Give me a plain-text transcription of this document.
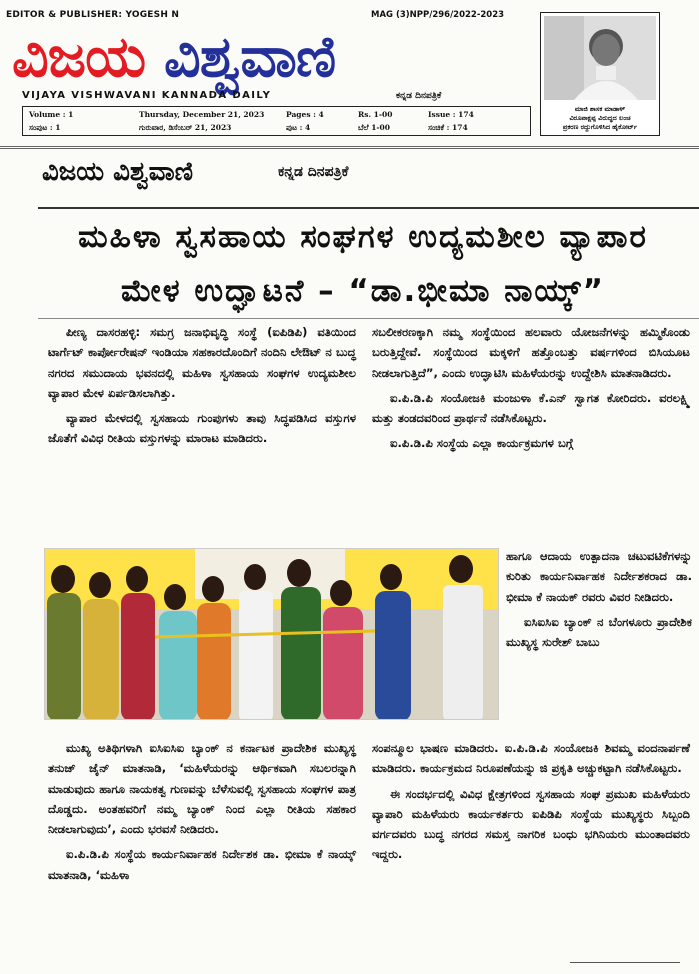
EDITOR & PUBLISHER: YOGESH N	MAG (3)NPP/296/2022-2023
ವಿಜಯ ವಿಶ್ವವಾಣಿ
VIJAYA VISHWAVANI KANNADA DAILY	ಕನ್ನಡ ದಿನಪತ್ರಿಕೆ
Volume : 1	Thursday, December 21, 2023	Pages : 4	Rs. 1-00	Issue : 174
ಸಂಪುಟ : 1	ಗುರುವಾರ, ಡಿಸೆಂಬರ್ 21, 2023	ಪುಟ : 4	ಬೆಲೆ 1-00	ಸಂಚಿಕೆ : 174
ಮಾಜಿ ಶಾಸಕ ಮಾಡಾಳ್
ವಿರೂಪಾಕ್ಷಪ್ಪ ವಿರುದ್ಧದ ಲಂಚ
ಪ್ರಕರಣ ರದ್ದುಗೊಳಿಸಿದ ಹೈಕೋರ್ಟ್
ವಿಜಯ ವಿಶ್ವವಾಣಿ	ಕನ್ನಡ ದಿನಪತ್ರಿಕೆ
ಮಹಿಳಾ ಸ್ವಸಹಾಯ ಸಂಘಗಳ ಉದ್ಯಮಶೀಲ ವ್ಯಾಪಾರ
ಮೇಳ ಉದ್ಘಾಟನೆ – “ಡಾ.ಭೀಮಾ ನಾಯ್ಕ್”

ಪೀಣ್ಯ ದಾಸರಹಳ್ಳಿ: ಸಮಗ್ರ ಜನಾಭಿವೃದ್ಧಿ ಸಂಸ್ಥೆ (ಐಪಿಡಿಪಿ) ವತಿಯಿಂದ ಟಾರ್ಗೆಟ್ ಕಾರ್ಪೋರೇಷನ್ ಇಂಡಿಯಾ ಸಹಕಾರದೊಂದಿಗೆ ನಂದಿನಿ ಲೇಔಟ್ ನ ಬುದ್ಧ ನಗರದ ಸಮುದಾಯ ಭವನದಲ್ಲಿ ಮಹಿಳಾ ಸ್ವಸಹಾಯ ಸಂಘಗಳ ಉದ್ಯಮಶೀಲ ವ್ಯಾಪಾರ ಮೇಳ ಏರ್ಪಡಿಸಲಾಗಿತ್ತು.

ವ್ಯಾಪಾರ ಮೇಳದಲ್ಲಿ ಸ್ವಸಹಾಯ ಗುಂಪುಗಳು ತಾವು ಸಿದ್ಧಪಡಿಸಿದ ವಸ್ತುಗಳ ಜೊತೆಗೆ ವಿವಿಧ ರೀತಿಯ ವಸ್ತುಗಳನ್ನು ಮಾರಾಟ ಮಾಡಿದರು.

ಸಬಲೀಕರಣಕ್ಕಾಗಿ ನಮ್ಮ ಸಂಸ್ಥೆಯಿಂದ ಹಲವಾರು ಯೋಜನೆಗಳನ್ನು ಹಮ್ಮಿಕೊಂಡು ಬರುತ್ತಿದ್ದೇವೆ. ಸಂಸ್ಥೆಯಿಂದ ಮಕ್ಕಳಿಗೆ ಹತ್ತೊಂಬತ್ತು ವರ್ಷಗಳಿಂದ ಬಿಸಿಯೂಟ ನೀಡಲಾಗುತ್ತಿದೆ”, ಎಂದು ಉದ್ಘಾಟಿಸಿ ಮಹಿಳೆಯರನ್ನು ಉದ್ದೇಶಿಸಿ ಮಾತನಾಡಿದರು.

ಐ.ಪಿ.ಡಿ.ಪಿ ಸಂಯೋಜಕಿ ಮಂಜುಳಾ ಕೆ.ಎನ್ ಸ್ವಾಗತ ಕೋರಿದರು. ವರಲಕ್ಷ್ಮಿ ಮತ್ತು ತಂಡದವರಿಂದ ಪ್ರಾರ್ಥನೆ ನಡೆಸಿಕೊಟ್ಟರು.

ಐ.ಪಿ.ಡಿ.ಪಿ ಸಂಸ್ಥೆಯ ಎಲ್ಲಾ ಕಾರ್ಯಕ್ರಮಗಳ ಬಗ್ಗೆ

ಹಾಗೂ ಆದಾಯ ಉತ್ಪಾದನಾ ಚಟುವಟಿಕೆಗಳನ್ನು ಕುರಿತು ಕಾರ್ಯನಿರ್ವಾಹಕ ನಿರ್ದೇಶಕರಾದ ಡಾ. ಭೀಮಾ ಕೆ ನಾಯಕ್ ರವರು ವಿವರ ನೀಡಿದರು.

ಐಸಿಐಸಿಐ ಬ್ಯಾಂಕ್ ನ ಬೆಂಗಳೂರು ಪ್ರಾದೇಶಿಕ ಮುಖ್ಯಸ್ಥ ಸುರೇಶ್ ಬಾಬು

ಮುಖ್ಯ ಅತಿಥಿಗಳಾಗಿ ಐಸಿಐಸಿಐ ಬ್ಯಾಂಕ್ ನ ಕರ್ನಾಟಕ ಪ್ರಾದೇಶಿಕ ಮುಖ್ಯಸ್ಥ ತನುಜ್ ಜೈನ್ ಮಾತನಾಡಿ, ‘ಮಹಿಳೆಯರನ್ನು ಆರ್ಥಿಕವಾಗಿ ಸಬಲರನ್ನಾಗಿ ಮಾಡುವುದು ಹಾಗೂ ನಾಯಕತ್ವ ಗುಣವನ್ನು ಬೆಳೆಸುವಲ್ಲಿ ಸ್ವಸಹಾಯ ಸಂಘಗಳ ಪಾತ್ರ ದೊಡ್ಡದು. ಅಂತಹವರಿಗೆ ನಮ್ಮ ಬ್ಯಾಂಕ್ ನಿಂದ ಎಲ್ಲಾ ರೀತಿಯ ಸಹಕಾರ ನೀಡಲಾಗುವುದು’, ಎಂದು ಭರವಸೆ ನೀಡಿದರು.

ಐ.ಪಿ.ಡಿ.ಪಿ ಸಂಸ್ಥೆಯ ಕಾರ್ಯನಿರ್ವಾಹಕ ನಿರ್ದೇಶಕ ಡಾ. ಭೀಮಾ ಕೆ ನಾಯ್ಕ್ ಮಾತನಾಡಿ, ‘ಮಹಿಳಾ

ಸಂಪನ್ಮೂಲ ಭಾಷಣ ಮಾಡಿದರು. ಐ.ಪಿ.ಡಿ.ಪಿ ಸಂಯೋಜಕಿ ಶಿವಮ್ಮ ವಂದನಾರ್ಪಣೆ ಮಾಡಿದರು. ಕಾರ್ಯಕ್ರಮದ ನಿರೂಪಣೆಯನ್ನು ಜಿ ಪ್ರಕೃತಿ ಅಚ್ಚುಕಟ್ಟಾಗಿ ನಡೆಸಿಕೊಟ್ಟರು.

ಈ ಸಂದರ್ಭದಲ್ಲಿ ವಿವಿಧ ಕ್ಷೇತ್ರಗಳಿಂದ ಸ್ವಸಹಾಯ ಸಂಘ ಪ್ರಮುಖ ಮಹಿಳೆಯರು ವ್ಯಾಪಾರಿ ಮಹಿಳೆಯರು ಕಾರ್ಯಕರ್ತರು ಐಪಿಡಿಪಿ ಸಂಸ್ಥೆಯ ಮುಖ್ಯಸ್ಥರು ಸಿಬ್ಬಂದಿ ವರ್ಗದವರು ಬುದ್ಧ ನಗರದ ಸಮಸ್ತ ನಾಗರಿಕ ಬಂಧು ಭಗಿನಿಯರು ಮುಂತಾದವರು ಇದ್ದರು.
